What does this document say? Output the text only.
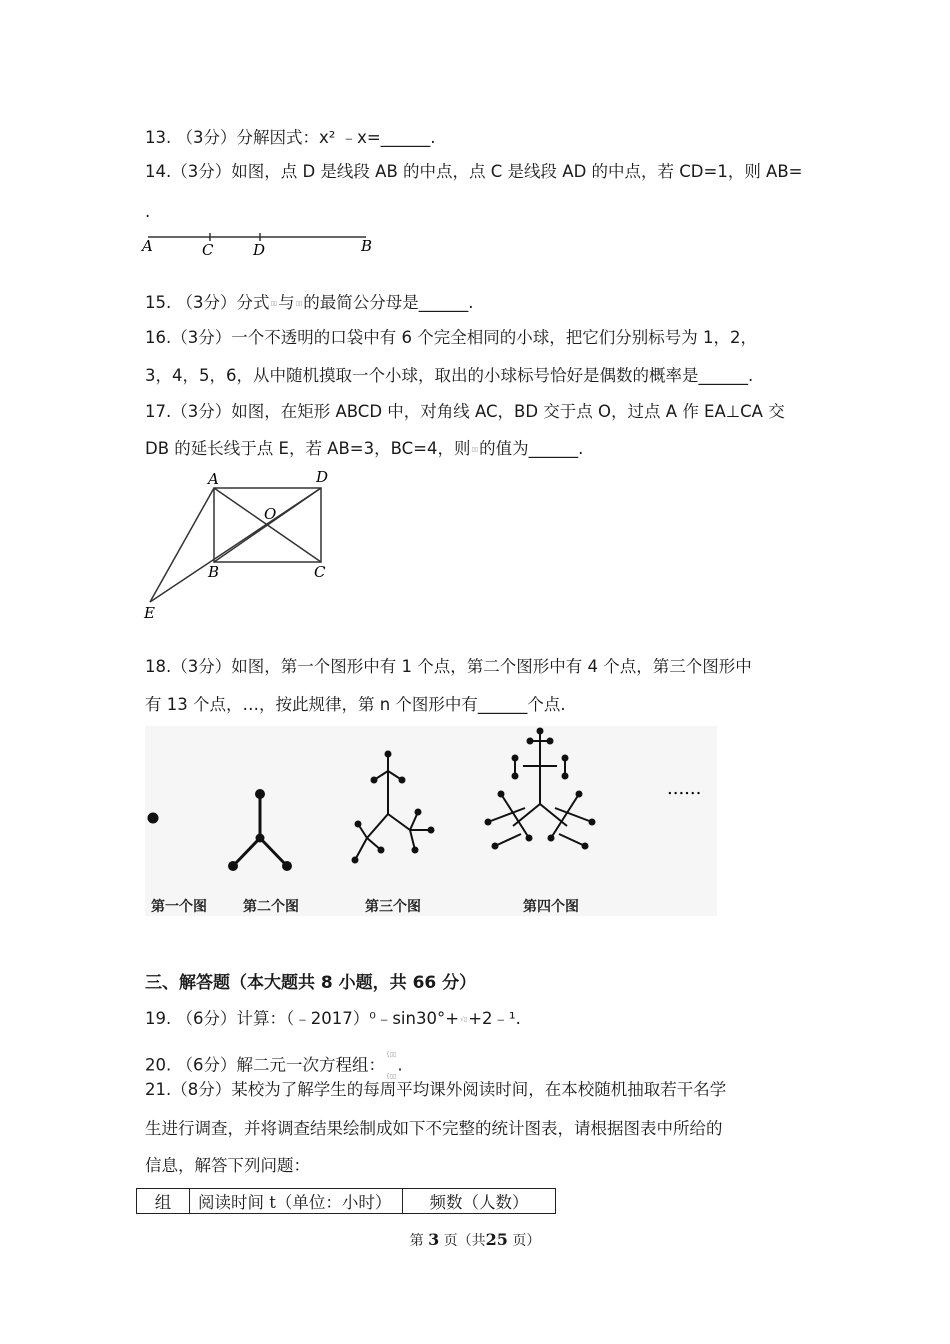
13. （3分）分解因式：x² ﹣x=______.
14.（3分）如图，点 D 是线段 AB 的中点，点 C 是线段 AD 的中点，若 CD=1，则 AB=
.
A	C	D	B
15. （3分）分式▯▯与▯▯的最简公分母是______.
16.（3分）一个不透明的口袋中有 6 个完全相同的小球，把它们分别标号为 1，2，
3，4，5，6，从中随机摸取一个小球，取出的小球标号恰好是偶数的概率是______.
17.（3分）如图，在矩形 ABCD 中，对角线 AC，BD 交于点 O，过点 A 作 EA⊥CA 交
DB 的延长线于点 E，若 AB=3，BC=4，则▯▯的值为______.
A	D
O
B	C
E
18.（3分）如图，第一个图形中有 1 个点，第二个图形中有 4 个点，第三个图形中
有 13 个点，…，按此规律，第 n 个图形中有______个点.
......
第一个图	第二个图	第三个图	第四个图
三、解答题（本大题共 8 小题，共 66 分）
19. （6分）计算：（﹣2017）⁰﹣sin30°+√▯+2﹣¹.
20. （6分）解二元一次方程组：{▯▯
{▯▯.
21.（8分）某校为了解学生的每周平均课外阅读时间，在本校随机抽取若干名学
生进行调查，并将调查结果绘制成如下不完整的统计图表，请根据图表中所给的
信息，解答下列问题：
组	阅读时间 t（单位：小时）	频数（人数）
第 3 页（共25 页）
